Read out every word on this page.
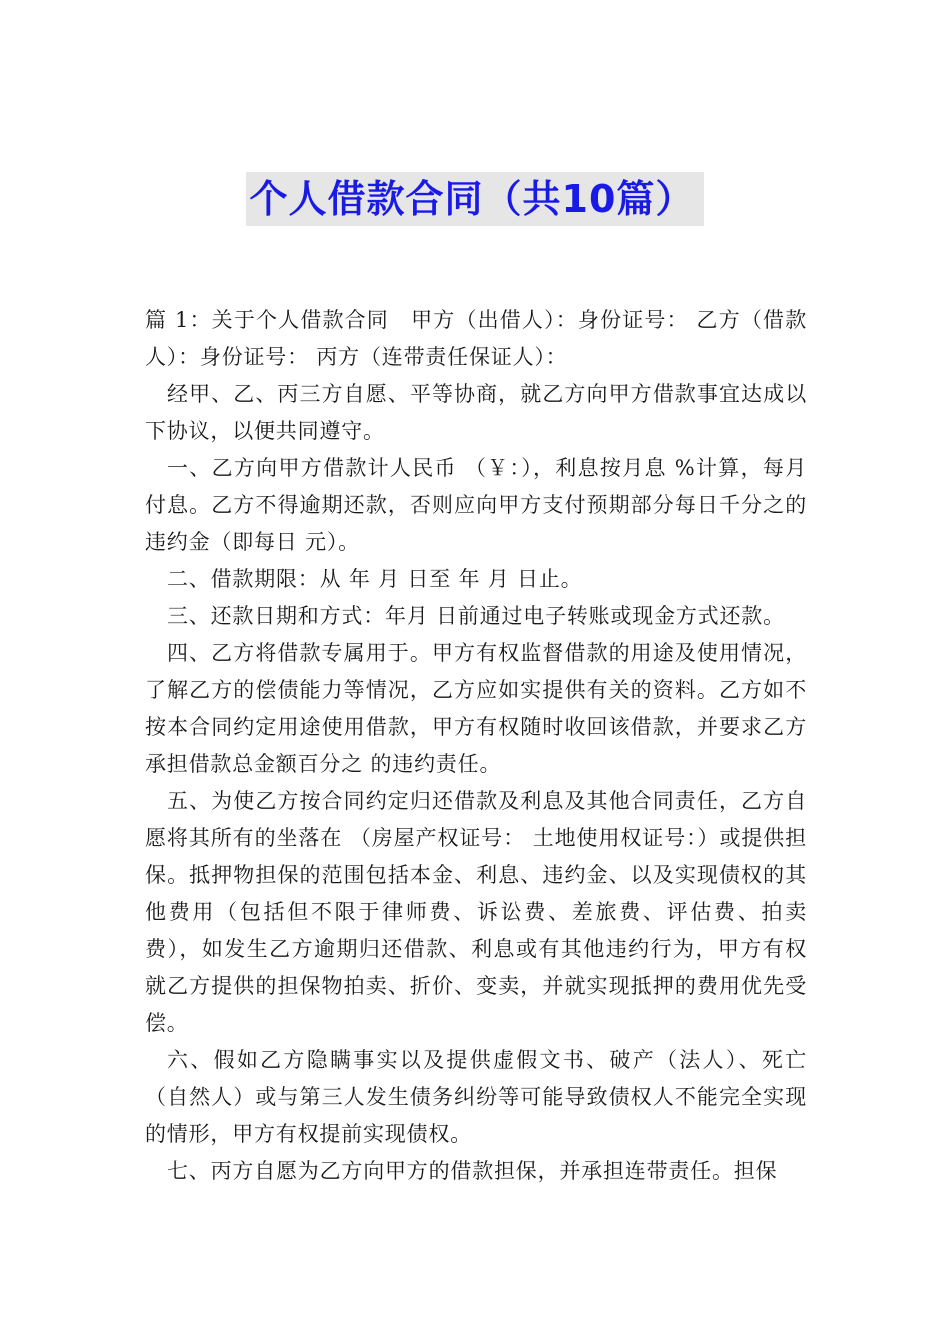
个人借款合同（共10篇）

篇 1：关于个人借款合同　甲方（出借人）：身份证号： 乙方（借款人）：身份证号： 丙方（连带责任保证人）：

经甲、乙、丙三方自愿、平等协商，就乙方向甲方借款事宜达成以下协议，以便共同遵守。

一、乙方向甲方借款计人民币 （￥：），利息按月息 %计算，每月付息。乙方不得逾期还款，否则应向甲方支付预期部分每日千分之的违约金（即每日 元）。

二、借款期限：从 年 月 日至 年 月 日止。

三、还款日期和方式：年月 日前通过电子转账或现金方式还款。

四、乙方将借款专属用于。甲方有权监督借款的用途及使用情况，了解乙方的偿债能力等情况，乙方应如实提供有关的资料。乙方如不按本合同约定用途使用借款，甲方有权随时收回该借款，并要求乙方承担借款总金额百分之 的违约责任。

五、为使乙方按合同约定归还借款及利息及其他合同责任，乙方自愿将其所有的坐落在 （房屋产权证号： 土地使用权证号：）或提供担保。抵押物担保的范围包括本金、利息、违约金、以及实现债权的其他费用（包括但不限于律师费、诉讼费、差旅费、评估费、拍卖费），如发生乙方逾期归还借款、利息或有其他违约行为，甲方有权就乙方提供的担保物拍卖、折价、变卖，并就实现抵押的费用优先受偿。

六、假如乙方隐瞒事实以及提供虚假文书、破产（法人）、死亡（自然人）或与第三人发生债务纠纷等可能导致债权人不能完全实现的情形，甲方有权提前实现债权。

七、丙方自愿为乙方向甲方的借款担保，并承担连带责任。担保
